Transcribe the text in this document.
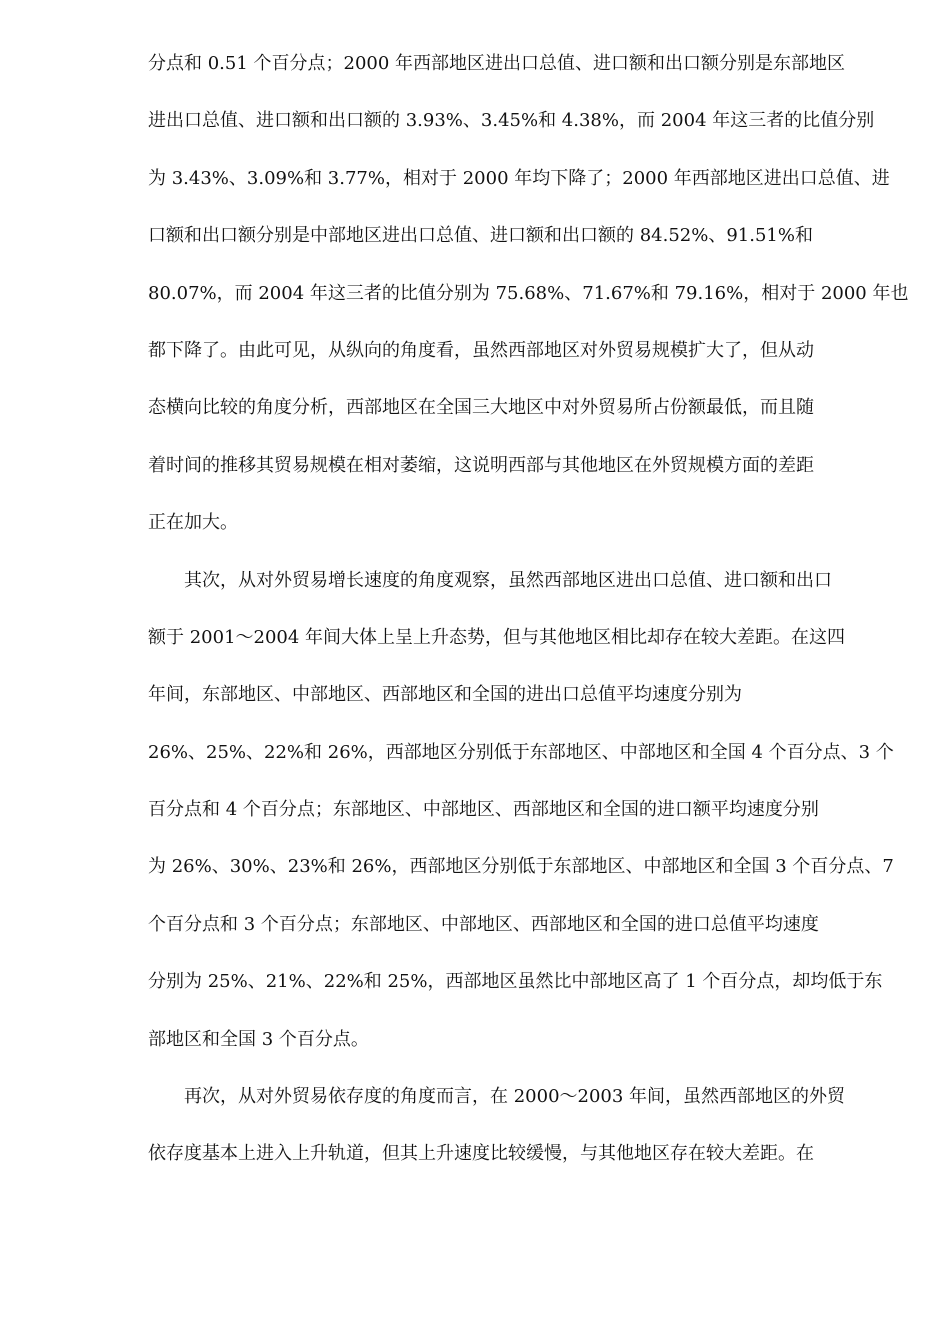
分点和 0.51 个百分点；2000 年西部地区进出口总值、进口额和出口额分别是东部地区
进出口总值、进口额和出口额的 3.93%、3.45%和 4.38%，而 2004 年这三者的比值分别
为 3.43%、3.09%和 3.77%，相对于 2000 年均下降了；2000 年西部地区进出口总值、进
口额和出口额分别是中部地区进出口总值、进口额和出口额的 84.52%、91.51%和
80.07%，而 2004 年这三者的比值分别为 75.68%、71.67%和 79.16%，相对于 2000 年也
都下降了。由此可见，从纵向的角度看，虽然西部地区对外贸易规模扩大了，但从动
态横向比较的角度分析，西部地区在全国三大地区中对外贸易所占份额最低，而且随
着时间的推移其贸易规模在相对萎缩，这说明西部与其他地区在外贸规模方面的差距
正在加大。
其次，从对外贸易增长速度的角度观察，虽然西部地区进出口总值、进口额和出口
额于 2001～2004 年间大体上呈上升态势，但与其他地区相比却存在较大差距。在这四
年间，东部地区、中部地区、西部地区和全国的进出口总值平均速度分别为
26%、25%、22%和 26%，西部地区分别低于东部地区、中部地区和全国 4 个百分点、3 个
百分点和 4 个百分点；东部地区、中部地区、西部地区和全国的进口额平均速度分别
为 26%、30%、23%和 26%，西部地区分别低于东部地区、中部地区和全国 3 个百分点、7
个百分点和 3 个百分点；东部地区、中部地区、西部地区和全国的进口总值平均速度
分别为 25%、21%、22%和 25%，西部地区虽然比中部地区高了 1 个百分点，却均低于东
部地区和全国 3 个百分点。
再次，从对外贸易依存度的角度而言，在 2000～2003 年间，虽然西部地区的外贸
依存度基本上进入上升轨道，但其上升速度比较缓慢，与其他地区存在较大差距。在
